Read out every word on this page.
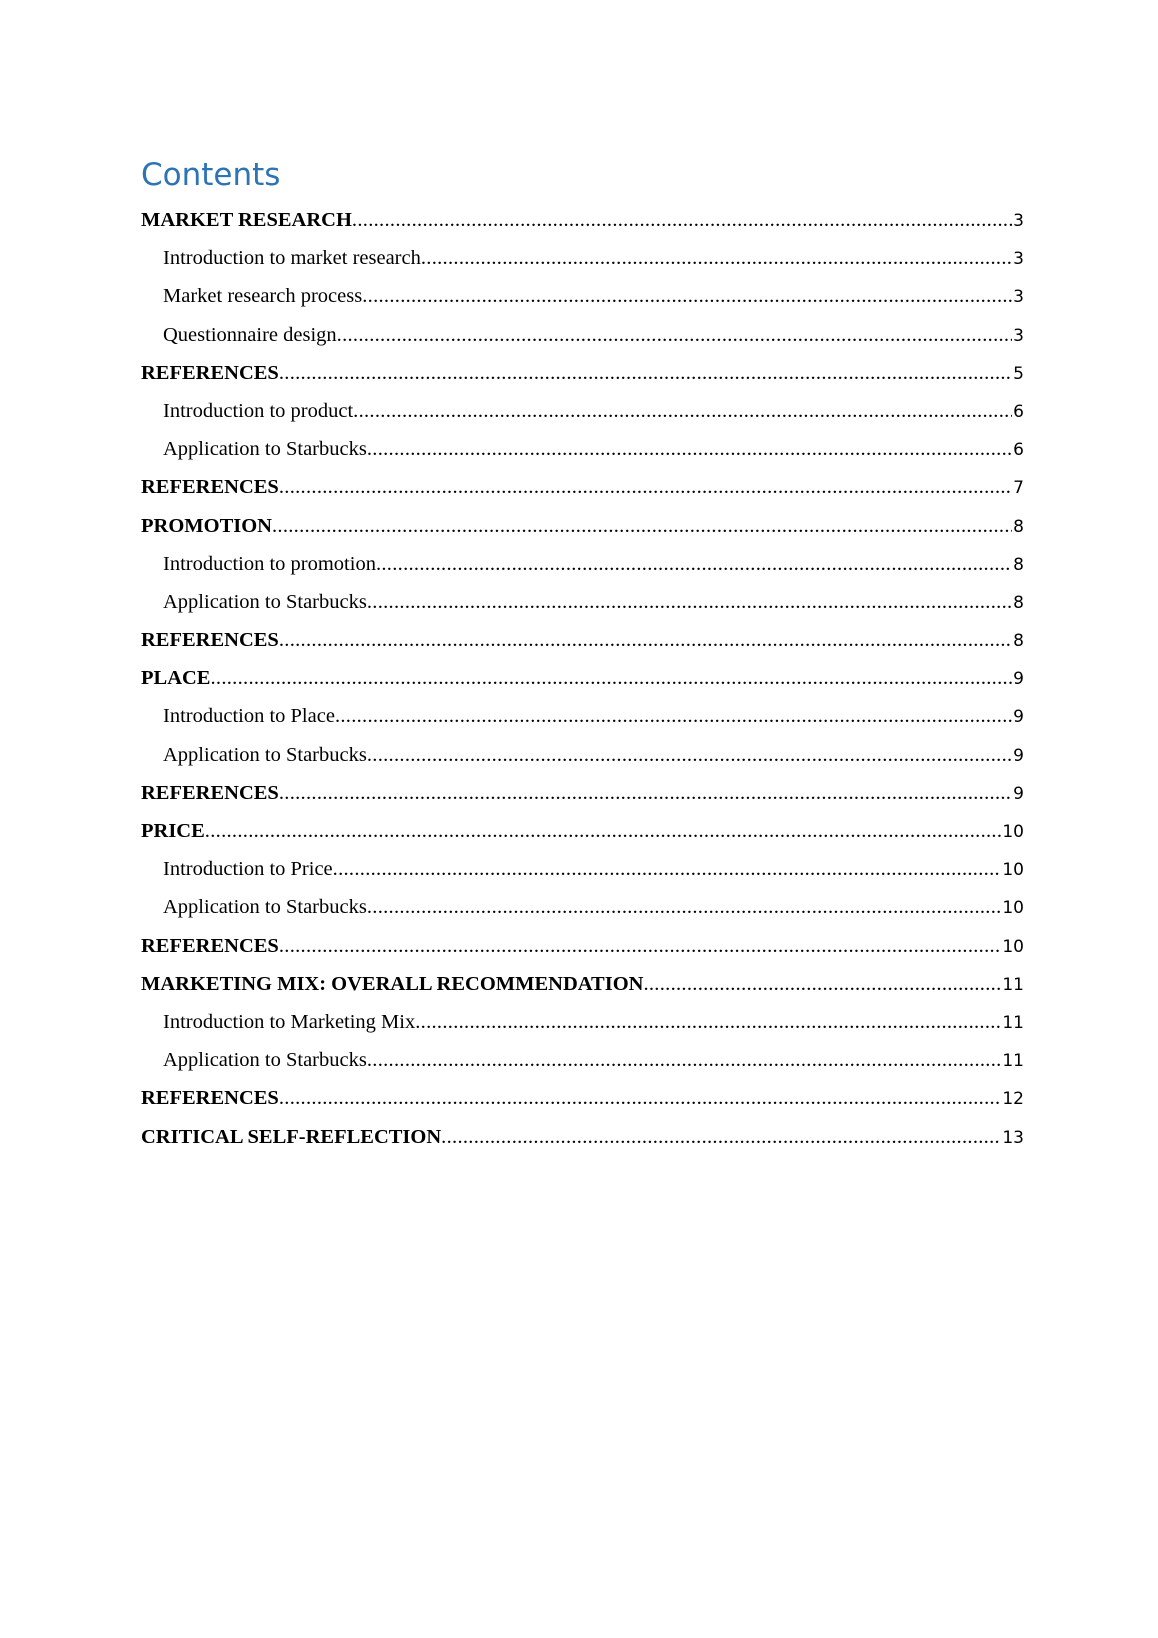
Contents
MARKET RESEARCH .....	3
Introduction to market research .....	3
Market research process .....	3
Questionnaire design .....	3
REFERENCES .....	5
Introduction to product .....	6
Application to Starbucks .....	6
REFERENCES .....	7
PROMOTION .....	8
Introduction to promotion .....	8
Application to Starbucks .....	8
REFERENCES .....	8
PLACE .....	9
Introduction to Place .....	9
Application to Starbucks .....	9
REFERENCES .....	9
PRICE .....	10
Introduction to Price .....	10
Application to Starbucks .....	10
REFERENCES .....	10
MARKETING MIX: OVERALL RECOMMENDATION .....	11
Introduction to Marketing Mix .....	11
Application to Starbucks .....	11
REFERENCES .....	12
CRITICAL SELF-REFLECTION .....	13
